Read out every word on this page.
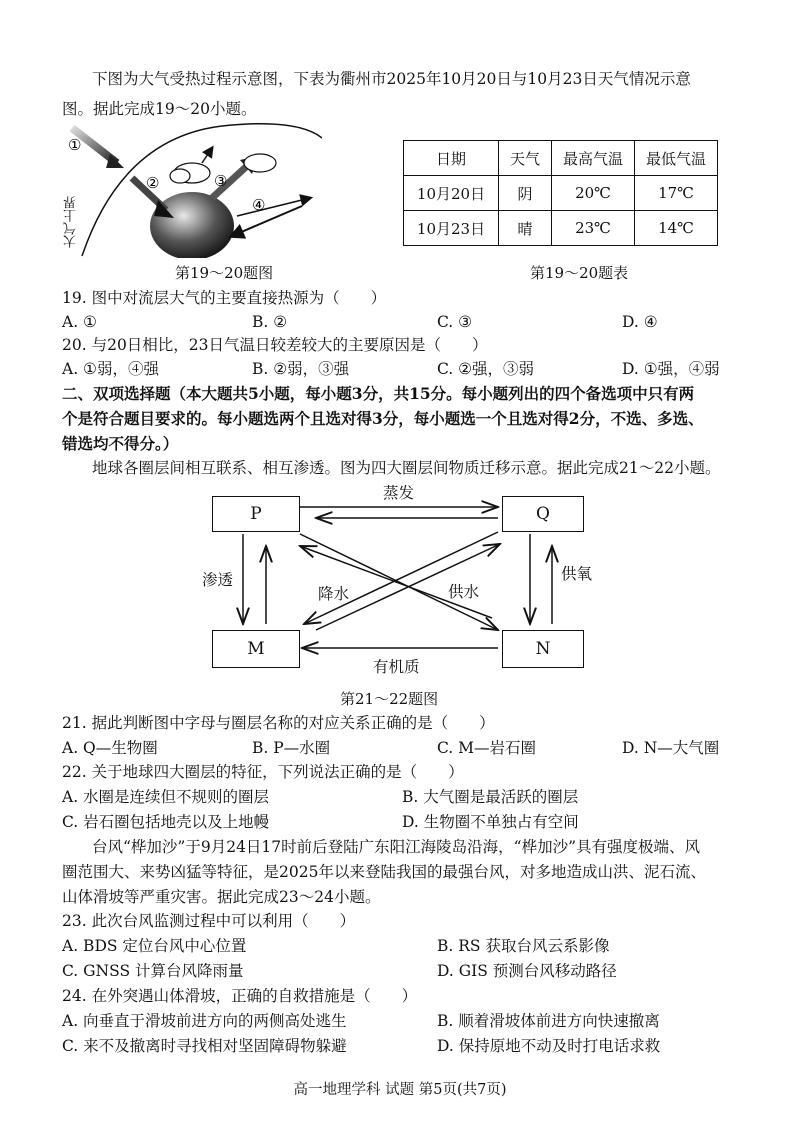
下图为大气受热过程示意图，下表为衢州市2025年10月20日与10月23日天气情况示意
图。据此完成19～20小题。
①
②	③
④
大气上界
第19～20题图
日期	天气	最高气温	最低气温
10月20日	阴	20℃	17℃
10月23日	晴	23℃	14℃
第19～20题表
19. 图中对流层大气的主要直接热源为（　　）
A. ①	B. ②	C. ③	D. ④
20. 与20日相比，23日气温日较差较大的主要原因是（　　）
A. ①弱，④强	B. ②弱，③强	C. ②强，③弱	D. ①强，④弱
二、双项选择题（本大题共5小题，每小题3分，共15分。每小题列出的四个备选项中只有两
个是符合题目要求的。每小题选两个且选对得3分，每小题选一个且选对得2分，不选、多选、
错选均不得分。）
地球各圈层间相互联系、相互渗透。图为四大圈层间物质迁移示意。据此完成21～22小题。
P	Q
M	N
蒸发
渗透
降水	供水
供氧
有机质
第21～22题图
21. 据此判断图中字母与圈层名称的对应关系正确的是（　　）
A. Q—生物圈	B. P—水圈	C. M—岩石圈	D. N—大气圈
22. 关于地球四大圈层的特征，下列说法正确的是（　　）
A. 水圈是连续但不规则的圈层	B. 大气圈是最活跃的圈层
C. 岩石圈包括地壳以及上地幔	D. 生物圈不单独占有空间
台风“桦加沙”于9月24日17时前后登陆广东阳江海陵岛沿海，“桦加沙”具有强度极端、风
圈范围大、来势凶猛等特征，是2025年以来登陆我国的最强台风，对多地造成山洪、泥石流、
山体滑坡等严重灾害。据此完成23～24小题。
23. 此次台风监测过程中可以利用（　　）
A. BDS 定位台风中心位置	B. RS 获取台风云系影像
C. GNSS 计算台风降雨量	D. GIS 预测台风移动路径
24. 在外突遇山体滑坡，正确的自救措施是（　　）
A. 向垂直于滑坡前进方向的两侧高处逃生	B. 顺着滑坡体前进方向快速撤离
C. 来不及撤离时寻找相对坚固障碍物躲避	D. 保持原地不动及时打电话求救
高一地理学科 试题 第5页(共7页)
